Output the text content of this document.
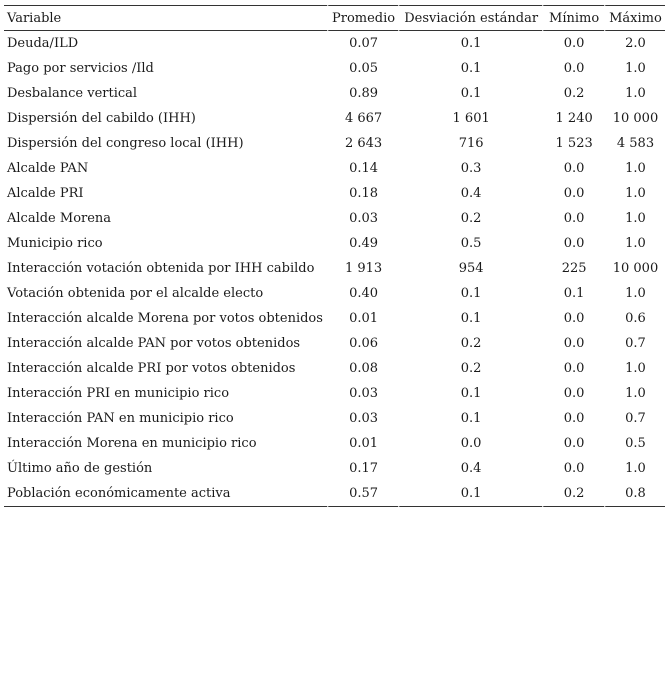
Variable	Promedio	Desviación estándar	Mínimo	Máximo
Deuda/ILD	0.07	0.1	0.0	2.0
Pago por servicios /Ild	0.05	0.1	0.0	1.0
Desbalance vertical	0.89	0.1	0.2	1.0
Dispersión del cabildo (IHH)	4 667	1 601	1 240	10 000
Dispersión del congreso local (IHH)	2 643	716	1 523	4 583
Alcalde PAN	0.14	0.3	0.0	1.0
Alcalde PRI	0.18	0.4	0.0	1.0
Alcalde Morena	0.03	0.2	0.0	1.0
Municipio rico	0.49	0.5	0.0	1.0
Interacción votación obtenida por IHH cabildo	1 913	954	225	10 000
Votación obtenida por el alcalde electo	0.40	0.1	0.1	1.0
Interacción alcalde Morena por votos obtenidos	0.01	0.1	0.0	0.6
Interacción alcalde PAN por votos obtenidos	0.06	0.2	0.0	0.7
Interacción alcalde PRI por votos obtenidos	0.08	0.2	0.0	1.0
Interacción PRI en municipio rico	0.03	0.1	0.0	1.0
Interacción PAN en municipio rico	0.03	0.1	0.0	0.7
Interacción Morena en municipio rico	0.01	0.0	0.0	0.5
Último año de gestión	0.17	0.4	0.0	1.0
Población económicamente activa	0.57	0.1	0.2	0.8
